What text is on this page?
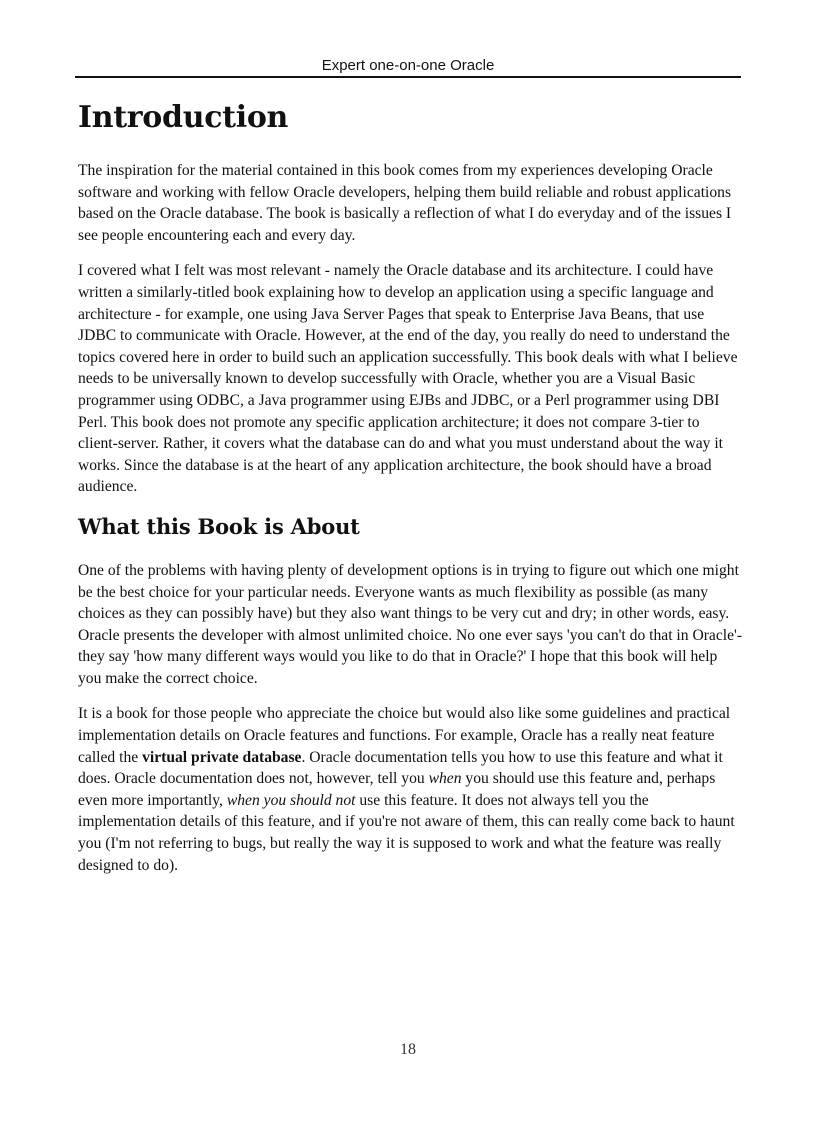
Expert one-on-one Oracle
Introduction

The inspiration for the material contained in this book comes from my experiences developing Oracle software and working with fellow Oracle developers, helping them build reliable and robust applications based on the Oracle database. The book is basically a reflection of what I do everyday and of the issues I see people encountering each and every day.

I covered what I felt was most relevant - namely the Oracle database and its architecture. I could have written a similarly-titled book explaining how to develop an application using a specific language and architecture - for example, one using Java Server Pages that speak to Enterprise Java Beans, that use JDBC to communicate with Oracle. However, at the end of the day, you really do need to understand the topics covered here in order to build such an application successfully. This book deals with what I believe needs to be universally known to develop successfully with Oracle, whether you are a Visual Basic programmer using ODBC, a Java programmer using EJBs and JDBC, or a Perl programmer using DBI Perl. This book does not promote any specific application architecture; it does not compare 3-tier to client-server. Rather, it covers what the database can do and what you must understand about the way it works. Since the database is at the heart of any application architecture, the book should have a broad audience.

What this Book is About

One of the problems with having plenty of development options is in trying to figure out which one might be the best choice for your particular needs. Everyone wants as much flexibility as possible (as many choices as they can possibly have) but they also want things to be very cut and dry; in other words, easy. Oracle presents the developer with almost unlimited choice. No one ever says 'you can't do that in Oracle'- they say 'how many different ways would you like to do that in Oracle?' I hope that this book will help you make the correct choice.

It is a book for those people who appreciate the choice but would also like some guidelines and practical implementation details on Oracle features and functions. For example, Oracle has a really neat feature called the virtual private database. Oracle documentation tells you how to use this feature and what it does. Oracle documentation does not, however, tell you when you should use this feature and, perhaps even more importantly, when you should not use this feature. It does not always tell you the implementation details of this feature, and if you're not aware of them, this can really come back to haunt you (I'm not referring to bugs, but really the way it is supposed to work and what the feature was really designed to do).

18
